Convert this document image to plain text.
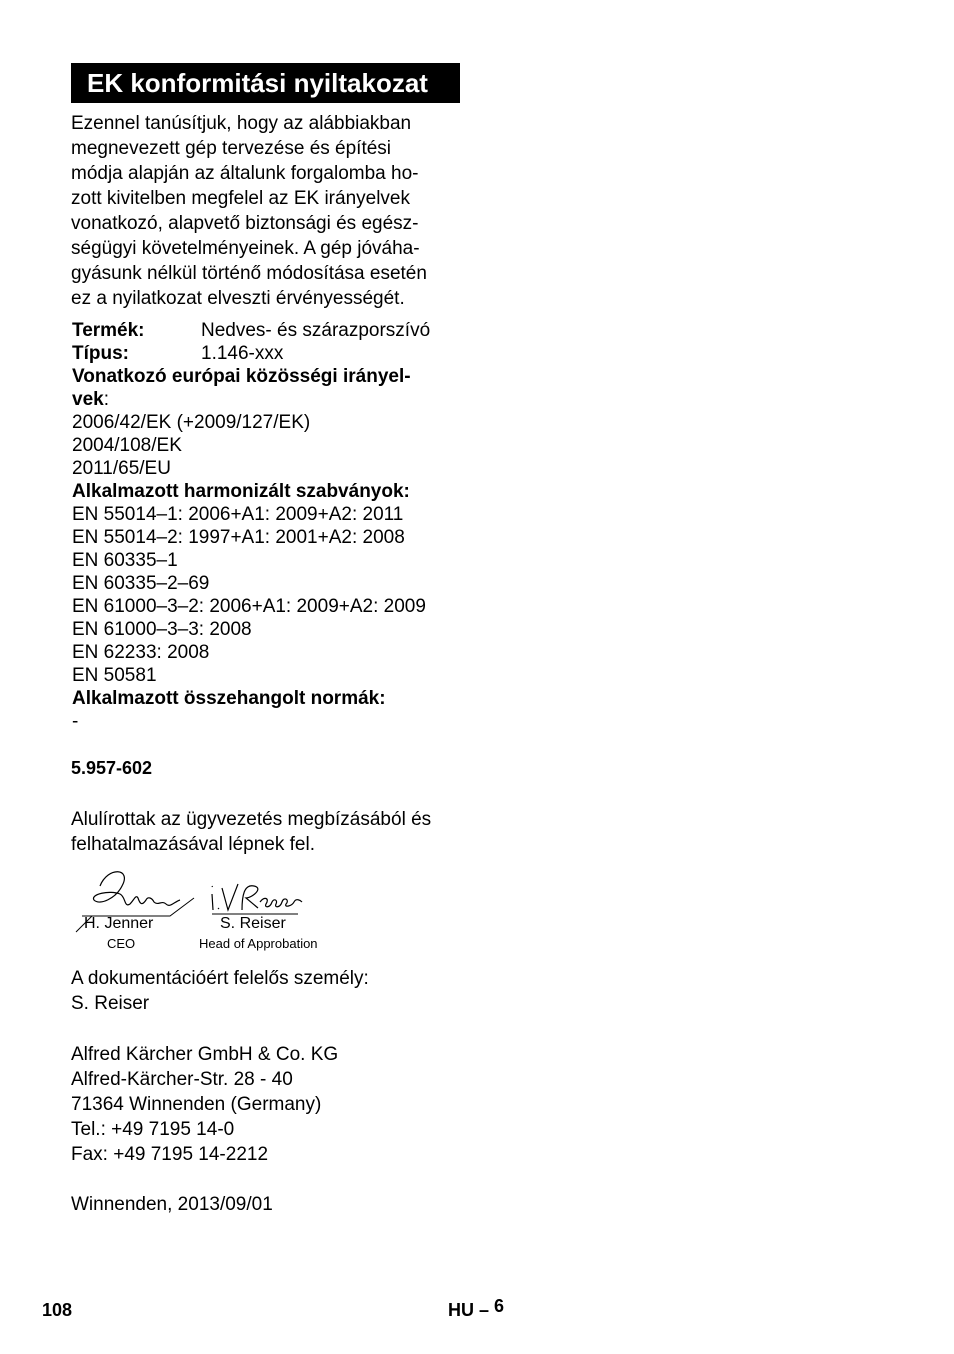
EK konformitási nyiltakozat
Ezennel tanúsítjuk, hogy az alábbiakban
megnevezett gép tervezése és építési
módja alapján az általunk forgalomba ho-
zott kivitelben megfelel az EK irányelvek
vonatkozó, alapvető biztonsági és egész-
ségügyi követelményeinek. A gép jóváha-
gyásunk nélkül történő módosítása esetén
ez a nyilatkozat elveszti érvényességét.
Termék:	Nedves- és szárazporszívó
Típus:	1.146-xxx
Vonatkozó európai közösségi irányel-
vek:
2006/42/EK (+2009/127/EK)
2004/108/EK
2011/65/EU
Alkalmazott harmonizált szabványok:
EN 55014–1: 2006+A1: 2009+A2: 2011
EN 55014–2: 1997+A1: 2001+A2: 2008
EN 60335–1
EN 60335–2–69
EN 61000–3–2: 2006+A1: 2009+A2: 2009
EN 61000–3–3: 2008
EN 62233: 2008
EN 50581
Alkalmazott összehangolt normák:
-
5.957-602
Alulírottak az ügyvezetés megbízásából és
felhatalmazásával lépnek fel.
H. Jenner
CEO
S. Reiser
Head of Approbation
A dokumentációért felelős személy:
S. Reiser
Alfred Kärcher GmbH & Co. KG
Alfred-Kärcher-Str. 28 - 40
71364 Winnenden (Germany)
Tel.: +49 7195 14-0
Fax: +49 7195 14-2212
Winnenden, 2013/09/01
108	HU – 6
